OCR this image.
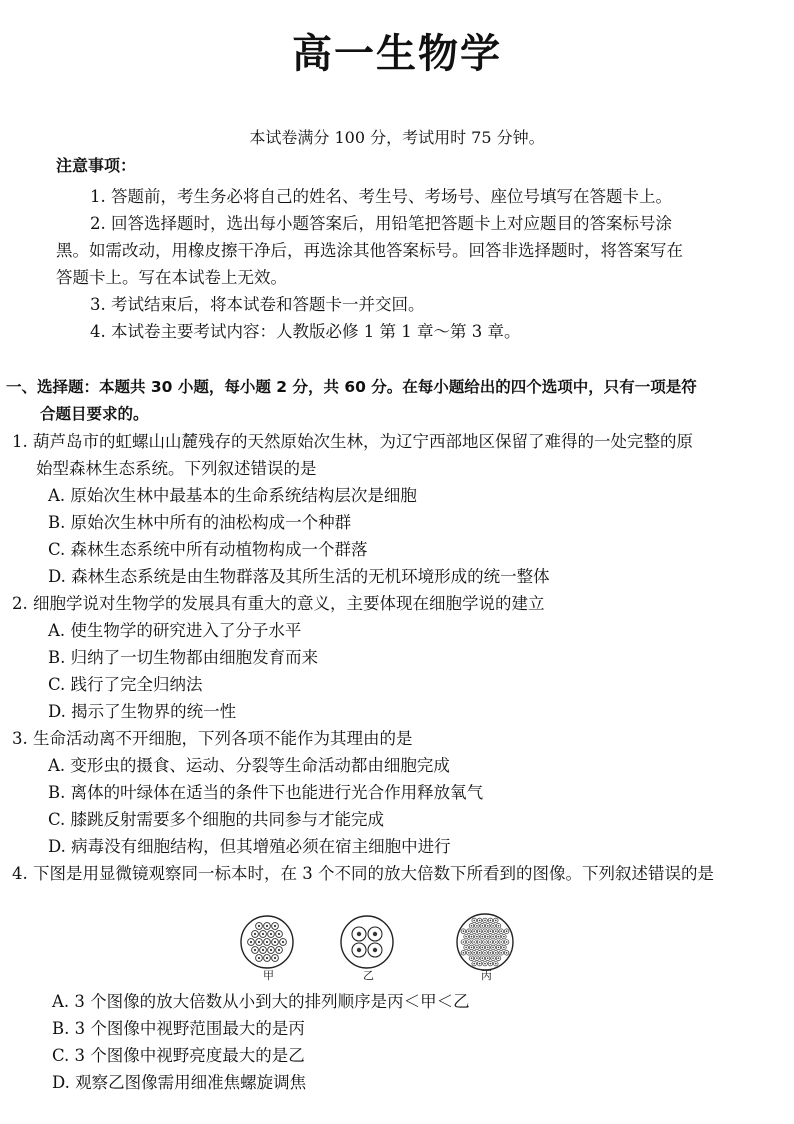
高一生物学
本试卷满分 100 分，考试用时 75 分钟。
注意事项：
1. 答题前，考生务必将自己的姓名、考生号、考场号、座位号填写在答题卡上。
2. 回答选择题时，选出每小题答案后，用铅笔把答题卡上对应题目的答案标号涂
黑。如需改动，用橡皮擦干净后，再选涂其他答案标号。回答非选择题时，将答案写在
答题卡上。写在本试卷上无效。
3. 考试结束后，将本试卷和答题卡一并交回。
4. 本试卷主要考试内容：人教版必修 1 第 1 章～第 3 章。
一、选择题：本题共 30 小题，每小题 2 分，共 60 分。在每小题给出的四个选项中，只有一项是符
合题目要求的。
1. 葫芦岛市的虹螺山山麓残存的天然原始次生林，为辽宁西部地区保留了难得的一处完整的原
始型森林生态系统。下列叙述错误的是
A. 原始次生林中最基本的生命系统结构层次是细胞
B. 原始次生林中所有的油松构成一个种群
C. 森林生态系统中所有动植物构成一个群落
D. 森林生态系统是由生物群落及其所生活的无机环境形成的统一整体
2. 细胞学说对生物学的发展具有重大的意义，主要体现在细胞学说的建立
A. 使生物学的研究进入了分子水平
B. 归纳了一切生物都由细胞发育而来
C. 践行了完全归纳法
D. 揭示了生物界的统一性
3. 生命活动离不开细胞，下列各项不能作为其理由的是
A. 变形虫的摄食、运动、分裂等生命活动都由细胞完成
B. 离体的叶绿体在适当的条件下也能进行光合作用释放氧气
C. 膝跳反射需要多个细胞的共同参与才能完成
D. 病毒没有细胞结构，但其增殖必须在宿主细胞中进行
4. 下图是用显微镜观察同一标本时，在 3 个不同的放大倍数下所看到的图像。下列叙述错误的是
甲	乙	丙
A. 3 个图像的放大倍数从小到大的排列顺序是丙＜甲＜乙
B. 3 个图像中视野范围最大的是丙
C. 3 个图像中视野亮度最大的是乙
D. 观察乙图像需用细准焦螺旋调焦
